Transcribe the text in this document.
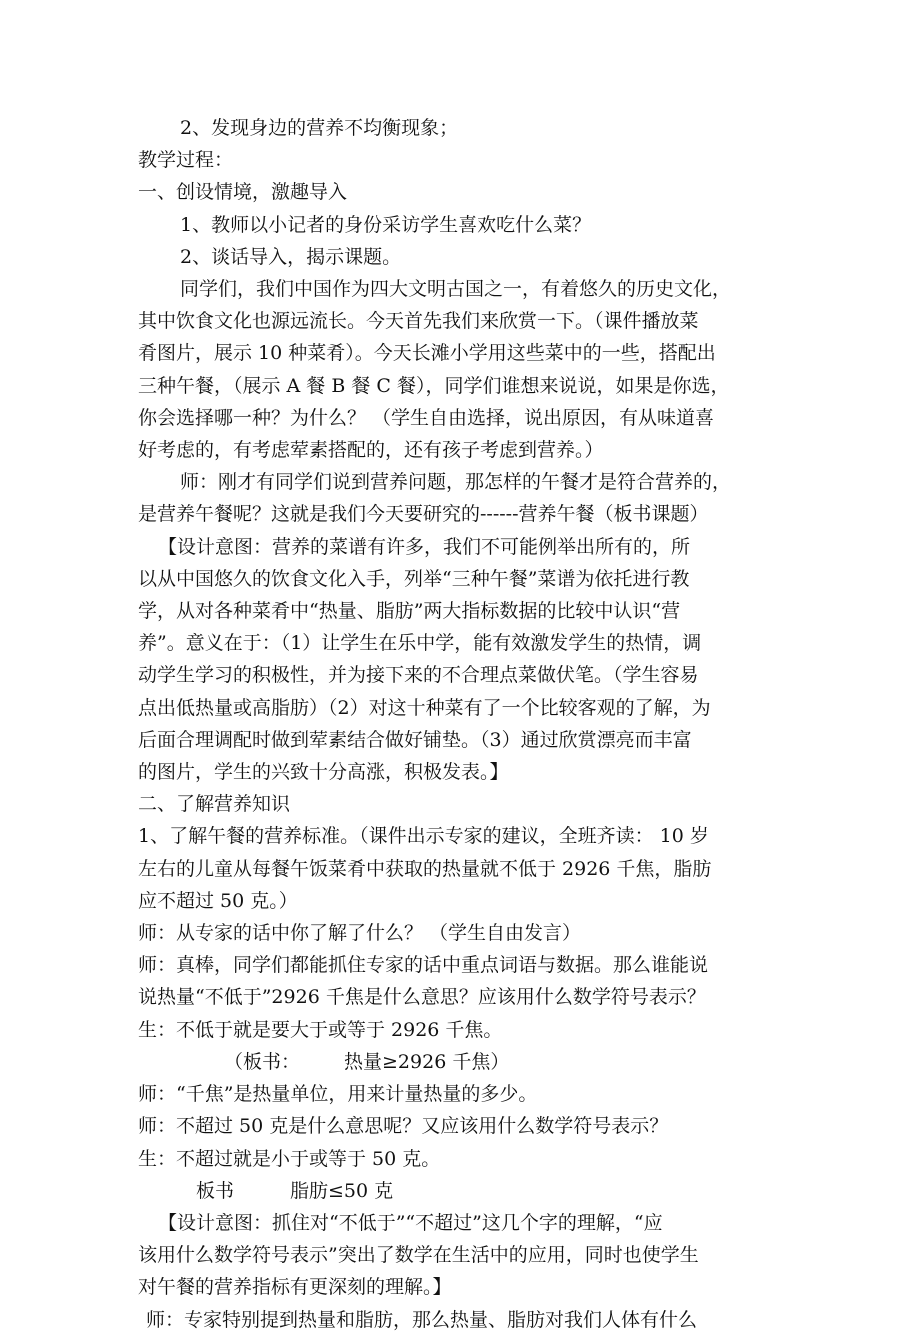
2、发现身边的营养不均衡现象；

教学过程：

一、创设情境，激趣导入

1、教师以小记者的身份采访学生喜欢吃什么菜？

2、谈话导入，揭示课题。

同学们，我们中国作为四大文明古国之一，有着悠久的历史文化，

其中饮食文化也源远流长。今天首先我们来欣赏一下。（课件播放菜

肴图片，展示 10 种菜肴）。今天长滩小学用这些菜中的一些，搭配出

三种午餐，（展示 A 餐 B 餐 C 餐），同学们谁想来说说，如果是你选，

你会选择哪一种？为什么？ （学生自由选择，说出原因，有从味道喜

好考虑的，有考虑荤素搭配的，还有孩子考虑到营养。）

师：刚才有同学们说到营养问题，那怎样的午餐才是符合营养的，

是营养午餐呢？这就是我们今天要研究的------营养午餐（板书课题）

【设计意图：营养的菜谱有许多，我们不可能例举出所有的，所

以从中国悠久的饮食文化入手，列举“三种午餐”菜谱为依托进行教

学，从对各种菜肴中“热量、脂肪”两大指标数据的比较中认识“营

养”。意义在于：（1）让学生在乐中学，能有效激发学生的热情，调

动学生学习的积极性，并为接下来的不合理点菜做伏笔。（学生容易

点出低热量或高脂肪）（2）对这十种菜有了一个比较客观的了解，为

后面合理调配时做到荤素结合做好铺垫。（3）通过欣赏漂亮而丰富

的图片，学生的兴致十分高涨，积极发表。】

二、了解营养知识

1、了解午餐的营养标准。（课件出示专家的建议，全班齐读： 10 岁

左右的儿童从每餐午饭菜肴中获取的热量就不低于 2926 千焦，脂肪

应不超过 50 克。）

师：从专家的话中你了解了什么？ （学生自由发言）

师：真棒，同学们都能抓住专家的话中重点词语与数据。那么谁能说

说热量“不低于”2926 千焦是什么意思？应该用什么数学符号表示？

生：不低于就是要大于或等于 2926 千焦。

（板书： 热量≥2926 千焦）

师：“千焦”是热量单位，用来计量热量的多少。

师：不超过 50 克是什么意思呢？又应该用什么数学符号表示？

生：不超过就是小于或等于 50 克。

板书	脂肪≤50 克

【设计意图：抓住对“不低于”“不超过”这几个字的理解，“应

该用什么数学符号表示”突出了数学在生活中的应用，同时也使学生

对午餐的营养指标有更深刻的理解。】

师：专家特别提到热量和脂肪，那么热量、脂肪对我们人体有什么
